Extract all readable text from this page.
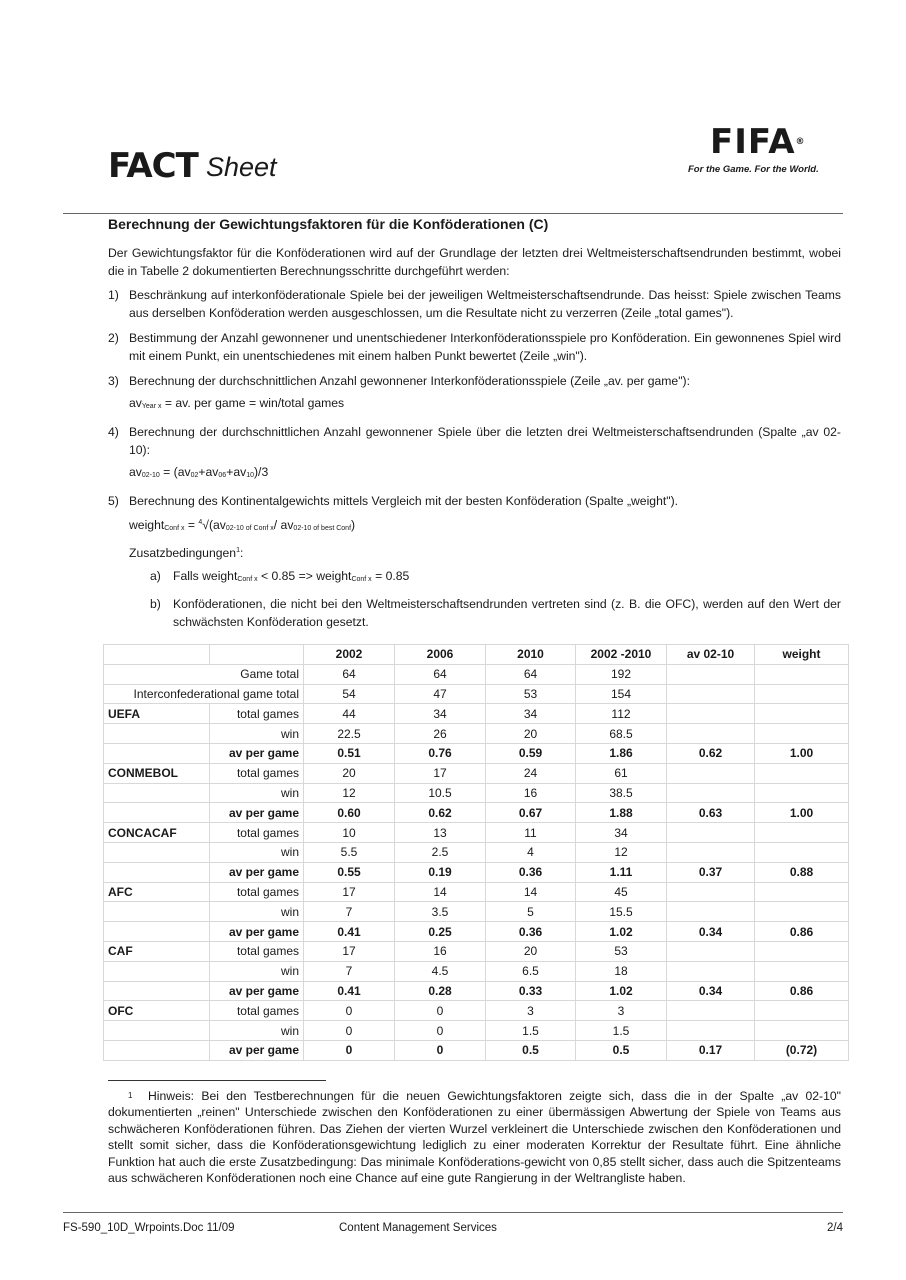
FACT Sheet
FIFA®
For the Game. For the World.
Berechnung der Gewichtungsfaktoren für die Konföderationen (C)

Der Gewichtungsfaktor für die Konföderationen wird auf der Grundlage der letzten drei Weltmeisterschaftsendrunden bestimmt, wobei die in Tabelle 2 dokumentierten Berechnungsschritte durchgeführt werden:

1) Beschränkung auf interkonföderationale Spiele bei der jeweiligen Weltmeisterschaftsendrunde. Das heisst: Spiele zwischen Teams aus derselben Konföderation werden ausgeschlossen, um die Resultate nicht zu verzerren (Zeile „total games").
2) Bestimmung der Anzahl gewonnener und unentschiedener Interkonföderationsspiele pro Konföderation. Ein gewonnenes Spiel wird mit einem Punkt, ein unentschiedenes mit einem halben Punkt bewertet (Zeile „win").
3) Berechnung der durchschnittlichen Anzahl gewonnener Interkonföderationsspiele (Zeile „av. per game"):
$av_{Year x}$ = av. per game = win/total games
4) Berechnung der durchschnittlichen Anzahl gewonnener Spiele über die letzten drei Weltmeisterschaftsendrunden (Spalte „av 02-10):
$av_{02-10} = (av_{02}+av_{06}+av_{10})/3$
5) Berechnung des Kontinentalgewichts mittels Vergleich mit der besten Konföderation (Spalte „weight").
weight$_{Conf x}$ = $^4√(av_{02-10 of Conf x}/$ $av_{02-10 of best Conf}$)
Zusatzbedingungen$^1$:
a) Falls weight$_{Conf x}$ < 0.85 => weight$_{Conf x}$ = 0.85
b) Konföderationen, die nicht bei den Weltmeisterschaftsendrunden vertreten sind (z. B. die OFC), werden auf den Wert der schwächsten Konföderation gesetzt.
		2002	2006	2010	2002 -2010	av 02-10	weight
Game total		64	64	64	192		
Interconfederational game total		54	47	53	154		
UEFA	total games	44	34	34	112		
	win	22.5	26	20	68.5		
	av per game	0.51	0.76	0.59	1.86	0.62	1.00
CONMEBOL	total games	20	17	24	61		
	win	12	10.5	16	38.5		
	av per game	0.60	0.62	0.67	1.88	0.63	1.00
CONCACAF	total games	10	13	11	34		
	win	5.5	2.5	4	12		
	av per game	0.55	0.19	0.36	1.11	0.37	0.88
AFC	total games	17	14	14	45		
	win	7	3.5	5	15.5		
	av per game	0.41	0.25	0.36	1.02	0.34	0.86
CAF	total games	17	16	20	53		
	win	7	4.5	6.5	18		
	av per game	0.41	0.28	0.33	1.02	0.34	0.86
OFC	total games	0	0	3	3		
	win	0	0	1.5	1.5		
	av per game	0	0	0.5	0.5	0.17	(0.72)
1 Hinweis: Bei den Testberechnungen für die neuen Gewichtungsfaktoren zeigte sich, dass die in der Spalte „av 02-10" dokumentierten „reinen" Unterschiede zwischen den Konföderationen zu einer übermässigen Abwertung der Spiele von Teams aus schwächeren Konföderationen führen. Das Ziehen der vierten Wurzel verkleinert die Unterschiede zwischen den Konföderationen und stellt somit sicher, dass die Konföderationsgewichtung lediglich zu einer moderaten Korrektur der Resultate führt. Eine ähnliche Funktion hat auch die erste Zusatzbedingung: Das minimale Konföderations-gewicht von 0,85 stellt sicher, dass auch die Spitzenteams aus schwächeren Konföderationen noch eine Chance auf eine gute Rangierung in der Weltrangliste haben.
FS-590_10D_Wrpoints.Doc 11/09	Content Management Services	2/4
